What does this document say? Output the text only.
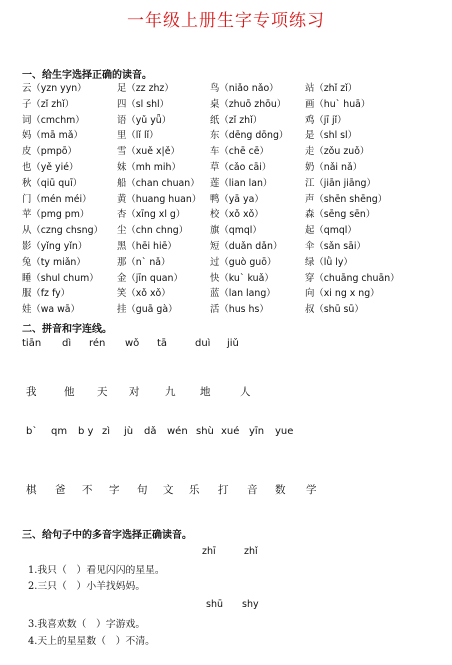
一年级上册生字专项练习
一、给生字选择正确的读音。
云（yzn yyn）	足（zz zhz）	鸟（niǎo nǎo）	站（zhǐ zǐ）
子（zǐ zhǐ）	四（sl shl）	桌（zhuō zhōu） 画（hu` huā）
词（cmchm）	语（yǔ yǖ）	纸（zǐ zhǐ）	鸡（jī jǐ）
妈（mā mǎ）	里（lǐ lǐ）	东（dēng dōng） 是（shl sl）
皮（pmpō）	雪（xuě x|ě）	车（chē cē）	走（zǒu zuǒ）
也（yě yié）	妹（mh mih）	草（cǎo cāi）	奶（nǎi nǎ）
秋（qiū quī）	船（chan chuan） 莲（lian lan）	江（jiān jiāng）
门（mén méi）	黄（huang huan） 鸭（yā ya）	声（shēn shēng）
苹（pmg pm）	杏（xīng xl g）	校（xǒ xǒ）	森（sēng sēn）
从（czng chsng） 尘（chn chng） 旗（qmql）	起（qmql）
影（yǐng yǐn）	黑（hēi hiē）	短（duǎn dǎn） 伞（sǎn sāi）
兔（ty miǎn）	那（n` nǎ）	过（guò guō）	绿（lǜ ly）
睡（shul chum） 金（jīn quan）	快（ku` kuǎ）	穿（chuāng chuān）
服（fz fy）	笑（xǒ xǒ）	蓝（lan lang）	向（xi ng x ng）
娃（wa wā）	挂（guā gà）	活（hus hs）	叔（shū sū）
二、拼音和字连线。
tiān dì rén wǒ tā	duì jiǔ
我	他 天 对 九 地	人
b` qm b y zì jù dǎ wén shù xué yīn yue
棋 爸 不 字 句 文 乐 打 音 数 学
三、给句子中的多音字选择正确读音。
zhī	zhǐ
1.我只（　）看见闪闪的星星。
2.三只（　）小羊找妈妈。
shū shy
3.我喜欢数（　）字游戏。
4.天上的星星数（　）不清。
